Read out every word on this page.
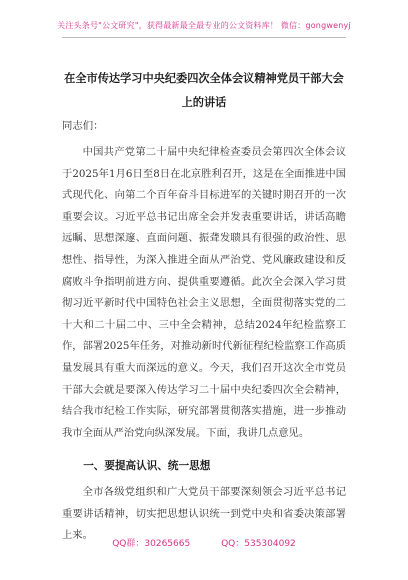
关注头条号"公文研究"，获得最新最全最专业的公文资料库！ 微信：gongwenyj
在全市传达学习中央纪委四次全体会议精神党员干部大会
上的讲话
同志们：

中国共产党第二十届中央纪律检查委员会第四次全体会议于2025年1月6日至8日在北京胜利召开，这是在全面推进中国式现代化、向第二个百年奋斗目标进军的关键时期召开的一次重要会议。习近平总书记出席全会并发表重要讲话，讲话高瞻远瞩、思想深邃、直面问题、振聋发聩具有很强的政治性、思想性、指导性，为深入推进全面从严治党、党风廉政建设和反腐败斗争指明前进方向、提供重要遵循。此次全会深入学习贯彻习近平新时代中国特色社会主义思想，全面贯彻落实党的二十大和二十届二中、三中全会精神，总结2024年纪检监察工作，部署2025年任务，对推动新时代新征程纪检监察工作高质量发展具有重大而深远的意义。今天，我们召开这次全市党员干部大会就是要深入传达学习二十届中央纪委四次全会精神，结合我市纪检工作实际，研究部署贯彻落实措施，进一步推动我市全面从严治党向纵深发展。下面，我讲几点意见。

一、要提高认识、统一思想

全市各级党组织和广大党员干部要深刻领会习近平总书记重要讲话精神，切实把思想认识统一到党中央和省委决策部署上来。

QQ群：30265665	QQ：535304092
